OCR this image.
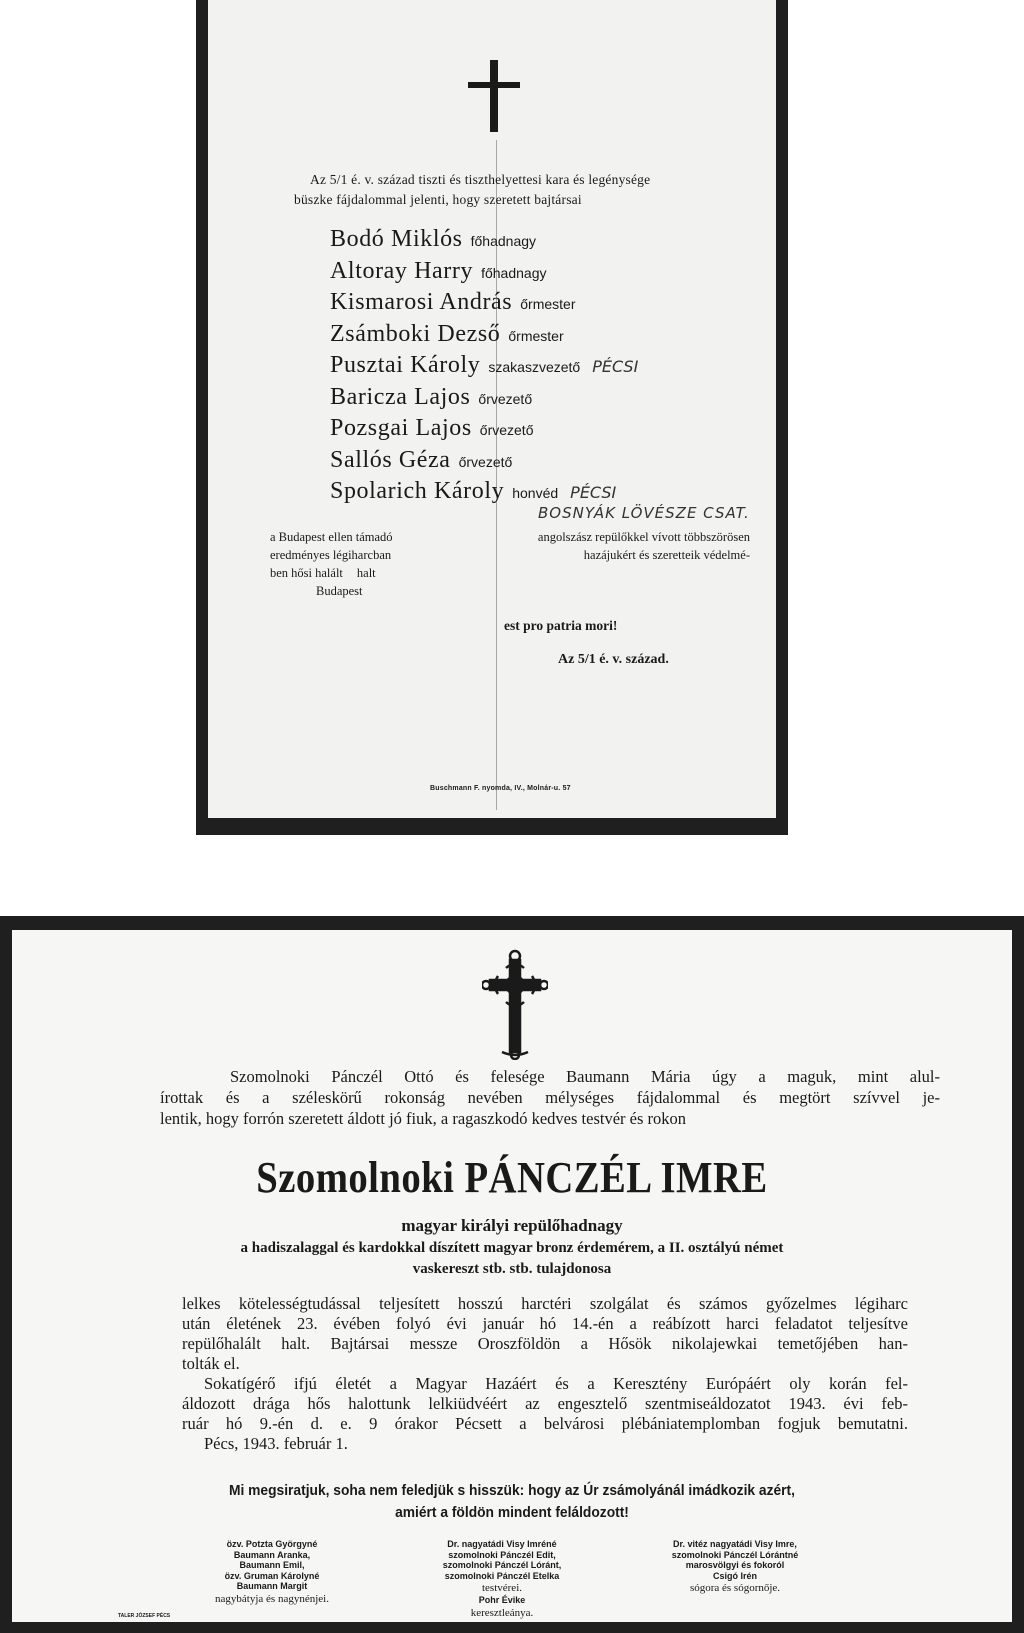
Az 5/1 é. v. század tiszti és tiszthelyettesi kara és legénysége
büszke fájdalommal jelenti, hogy szeretett bajtársai
Bodó Miklós főhadnagy
Altoray Harry főhadnagy
Kismarosi András őrmester
Zsámboki Dezső őrmester
Pusztai Károly szakaszvezető PÉCSI
Baricza Lajos őrvezető
Pozsgai Lajos őrvezető
Sallós Géza őrvezető
Spolarich Károly honvéd PÉCSI
BOSNYÁK LÖVÉSZE CSAT.
a Budapest ellen támadó	angolszász repülőkkel vívott többszörösen
eredményes légiharcban	hazájukért és szeretteik védelmé-
ben hősi halált halt
Budapest
est pro patria mori!
Az 5/1 é. v. század.
Buschmann F. nyomda, IV., Molnár-u. 57
Szomolnoki Pánczél Ottó és felesége Baumann Mária úgy a maguk, mint alul-
írottak és a széleskörű rokonság nevében mélységes fájdalommal és megtört szívvel je-
lentik, hogy forrón szeretett áldott jó fiuk, a ragaszkodó kedves testvér és rokon
Szomolnoki PÁNCZÉL IMRE
magyar királyi repülőhadnagy
a hadiszalaggal és kardokkal díszített magyar bronz érdemérem, a II. osztályú német
vaskereszt stb. stb. tulajdonosa
lelkes kötelességtudással teljesített hosszú harctéri szolgálat és számos győzelmes légiharc
után életének 23. évében folyó évi január hó 14.-én a reábízott harci feladatot teljesítve
repülőhalált halt. Bajtársai messze Oroszföldön a Hősök nikolajewkai temetőjében han-
tolták el.
Sokatígérő ifjú életét a Magyar Hazáért és a Keresztény Európáért oly korán fel-
áldozott drága hős halottunk lelkiüdvéért az engesztelő szentmiseáldozatot 1943. évi feb-
ruár hó 9.-én d. e. 9 órakor Pécsett a belvárosi plébániatemplomban fogjuk bemutatni.
Pécs, 1943. február 1.
Mi megsiratjuk, soha nem feledjük s hisszük: hogy az Úr zsámolyánál imádkozik azért,
amiért a földön mindent feláldozott!
özv. Potzta Györgyné
Baumann Aranka,
Baumann Emil,
özv. Gruman Károlyné
Baumann Margit
nagybátyja és nagynénjei.
Dr. nagyatádi Visy Imréné
szomolnoki Pánczél Edit,
szomolnoki Pánczél Lóránt,
szomolnoki Pánczél Etelka
testvérei.
Pohr Évike
keresztleánya.
Dr. vitéz nagyatádi Visy Imre,
szomolnoki Pánczél Lórántné
marosvölgyi és fokoról
Csigó Irén
sógora és sógornője.
TALER JÓZSEF PÉCS
